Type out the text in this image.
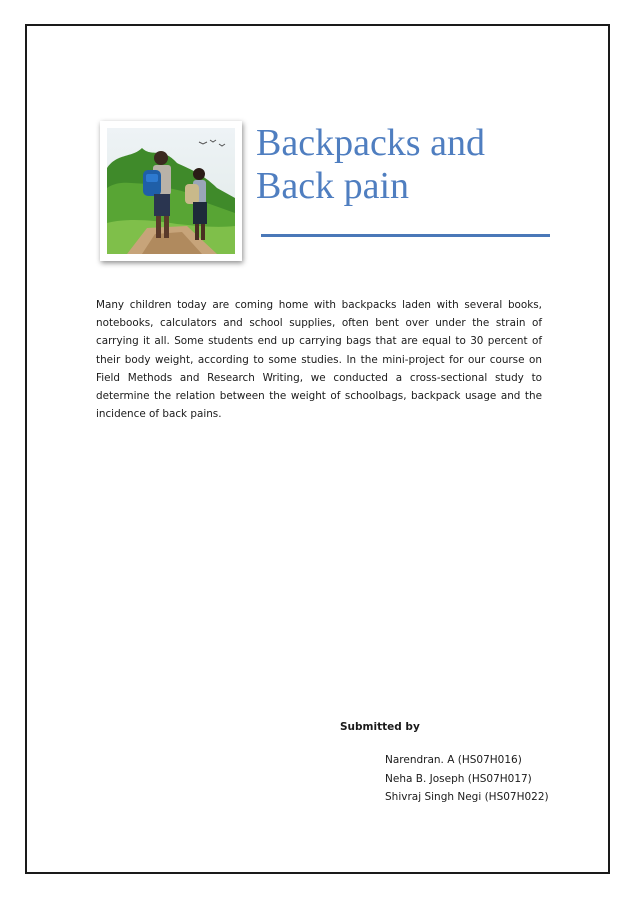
Backpacks and
Back pain

Many children today are coming home with backpacks laden with several books, notebooks, calculators and school supplies, often bent over under the strain of carrying it all. Some students end up carrying bags that are equal to 30 percent of their body weight, according to some studies. In the mini-project for our course on Field Methods and Research Writing, we conducted a cross-sectional study to determine the relation between the weight of schoolbags, backpack usage and the incidence of back pains.

Submitted by
Narendran. A (HS07H016)
Neha B. Joseph (HS07H017)
Shivraj Singh Negi (HS07H022)
